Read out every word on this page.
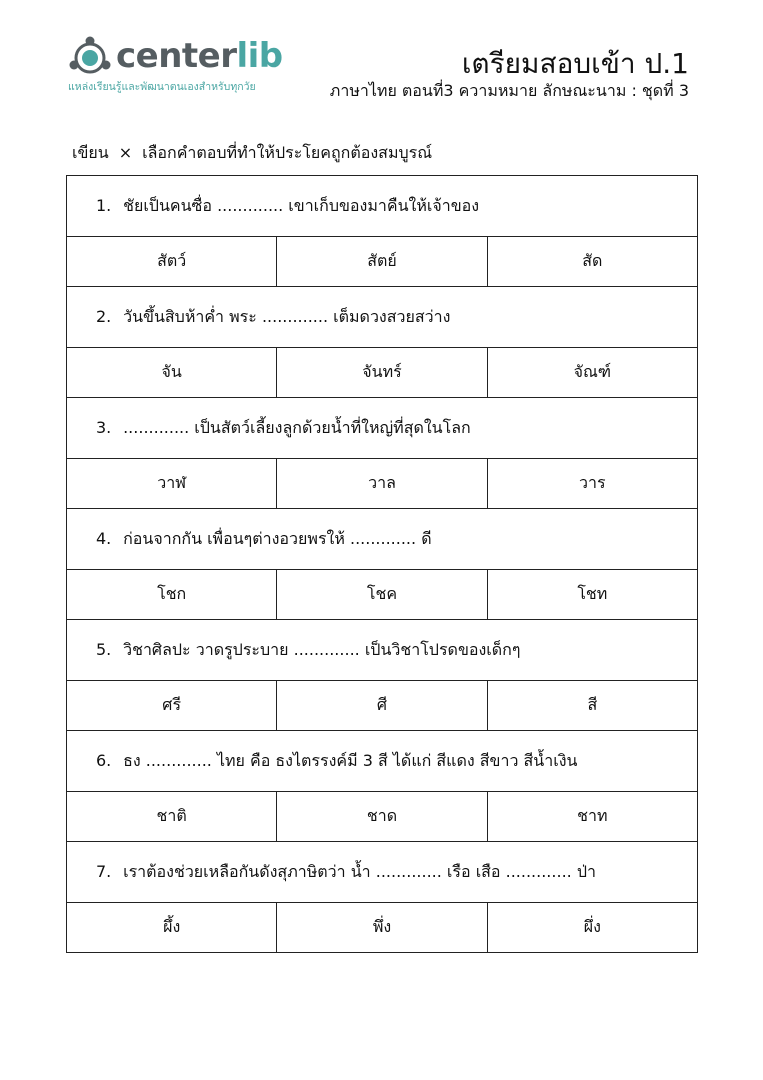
centerlib
แหล่งเรียนรู้และพัฒนาตนเองสำหรับทุกวัย
เตรียมสอบเข้า ป.1
ภาษาไทย ตอนที่3 ความหมาย ลักษณะนาม : ชุดที่ 3
เขียน × เลือกคำตอบที่ทำให้ประโยคถูกต้องสมบูรณ์
1. ชัยเป็นคนซื่อ ............. เขาเก็บของมาคืนให้เจ้าของ		
สัตว์	สัตย์	สัด
2. วันขึ้นสิบห้าค่ำ พระ ............. เต็มดวงสวยสว่าง		
จัน	จันทร์	จัณฑ์
3. ............. เป็นสัตว์เลี้ยงลูกด้วยน้ำที่ใหญ่ที่สุดในโลก		
วาฬ	วาล	วาร
4. ก่อนจากกัน เพื่อนๆต่างอวยพรให้ ............. ดี		
โชก	โชค	โชท
5. วิชาศิลปะ วาดรูประบาย ............. เป็นวิชาโปรดของเด็กๆ		
ศรี	ศี	สี
6. ธง ............. ไทย คือ ธงไตรรงค์มี 3 สี ได้แก่ สีแดง สีขาว สีน้ำเงิน		
ชาติ	ชาด	ชาท
7. เราต้องช่วยเหลือกันดังสุภาษิตว่า น้ำ ............. เรือ เสือ ............. ป่า		
ผึ้ง	พึ่ง	ผึ่ง
